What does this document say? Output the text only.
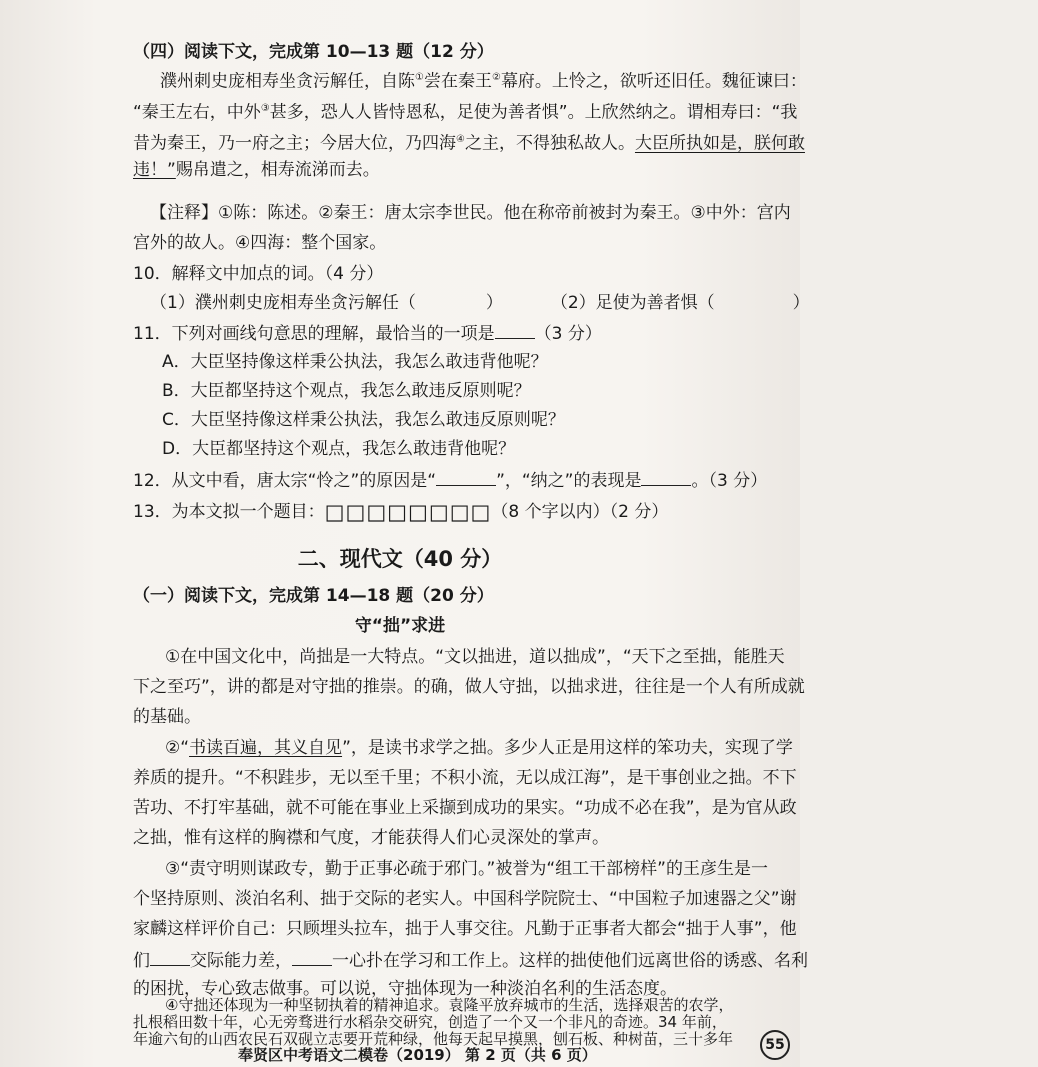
（四）阅读下文，完成第 10—13 题（12 分）
濮州刺史庞相寿坐贪污解任，自陈①尝在秦王②幕府。上怜之，欲听还旧任。魏征谏曰：
“秦王左右，中外③甚多，恐人人皆恃恩私，足使为善者惧”。上欣然纳之。谓相寿曰：“我
昔为秦王，乃一府之主；今居大位，乃四海④之主，不得独私故人。大臣所执如是，朕何敢
违！”赐帛遣之，相寿流涕而去。
【注释】①陈：陈述。②秦王：唐太宗李世民。他在称帝前被封为秦王。③中外：宫内
宫外的故人。④四海：整个国家。
10．解释文中加点的词。（4 分）
（1）濮州刺史庞相寿坐贪污解任（	）	（2）足使为善者惧（	）
11．下列对画线句意思的理解，最恰当的一项是 （3 分）
A．大臣坚持像这样秉公执法，我怎么敢违背他呢？
B．大臣都坚持这个观点，我怎么敢违反原则呢？
C．大臣坚持像这样秉公执法，我怎么敢违反原则呢？
D．大臣都坚持这个观点，我怎么敢违背他呢？
12．从文中看，唐太宗“怜之”的原因是“	”，“纳之”的表现是	。（3 分）
13．为本文拟一个题目：□□□□□□□□（8 个字以内）（2 分）
二、现代文（40 分）
（一）阅读下文，完成第 14—18 题（20 分）
守“拙”求进
①在中国文化中，尚拙是一大特点。“文以拙进，道以拙成”，“天下之至拙，能胜天
下之至巧”，讲的都是对守拙的推崇。的确，做人守拙，以拙求进，往往是一个人有所成就
的基础。
②“书读百遍，其义自见”，是读书求学之拙。多少人正是用这样的笨功夫，实现了学
养质的提升。“不积跬步，无以至千里；不积小流，无以成江海”，是干事创业之拙。不下
苦功、不打牢基础，就不可能在事业上采撷到成功的果实。“功成不必在我”，是为官从政
之拙，惟有这样的胸襟和气度，才能获得人们心灵深处的掌声。
③“责守明则谋政专，勤于正事必疏于邪门。”被誉为“组工干部榜样”的王彦生是一
个坚持原则、淡泊名利、拙于交际的老实人。中国科学院院士、“中国粒子加速器之父”谢
家麟这样评价自己：只顾埋头拉车，拙于人事交往。凡勤于正事者大都会“拙于人事”，他
们 交际能力差， 一心扑在学习和工作上。这样的拙使他们远离世俗的诱惑、名利
的困扰，专心致志做事。可以说，守拙体现为一种淡泊名利的生活态度。
④守拙还体现为一种坚韧执着的精神追求。袁隆平放弃城市的生活，选择艰苦的农学，
扎根稻田数十年，心无旁骛进行水稻杂交研究，创造了一个又一个非凡的奇迹。34 年前，
年逾六旬的山西农民石双砚立志要开荒种绿，他每天起早摸黑，刨石板、种树苗，三十多年
奉贤区中考语文二模卷（2019） 第 2 页（共 6 页）
55
